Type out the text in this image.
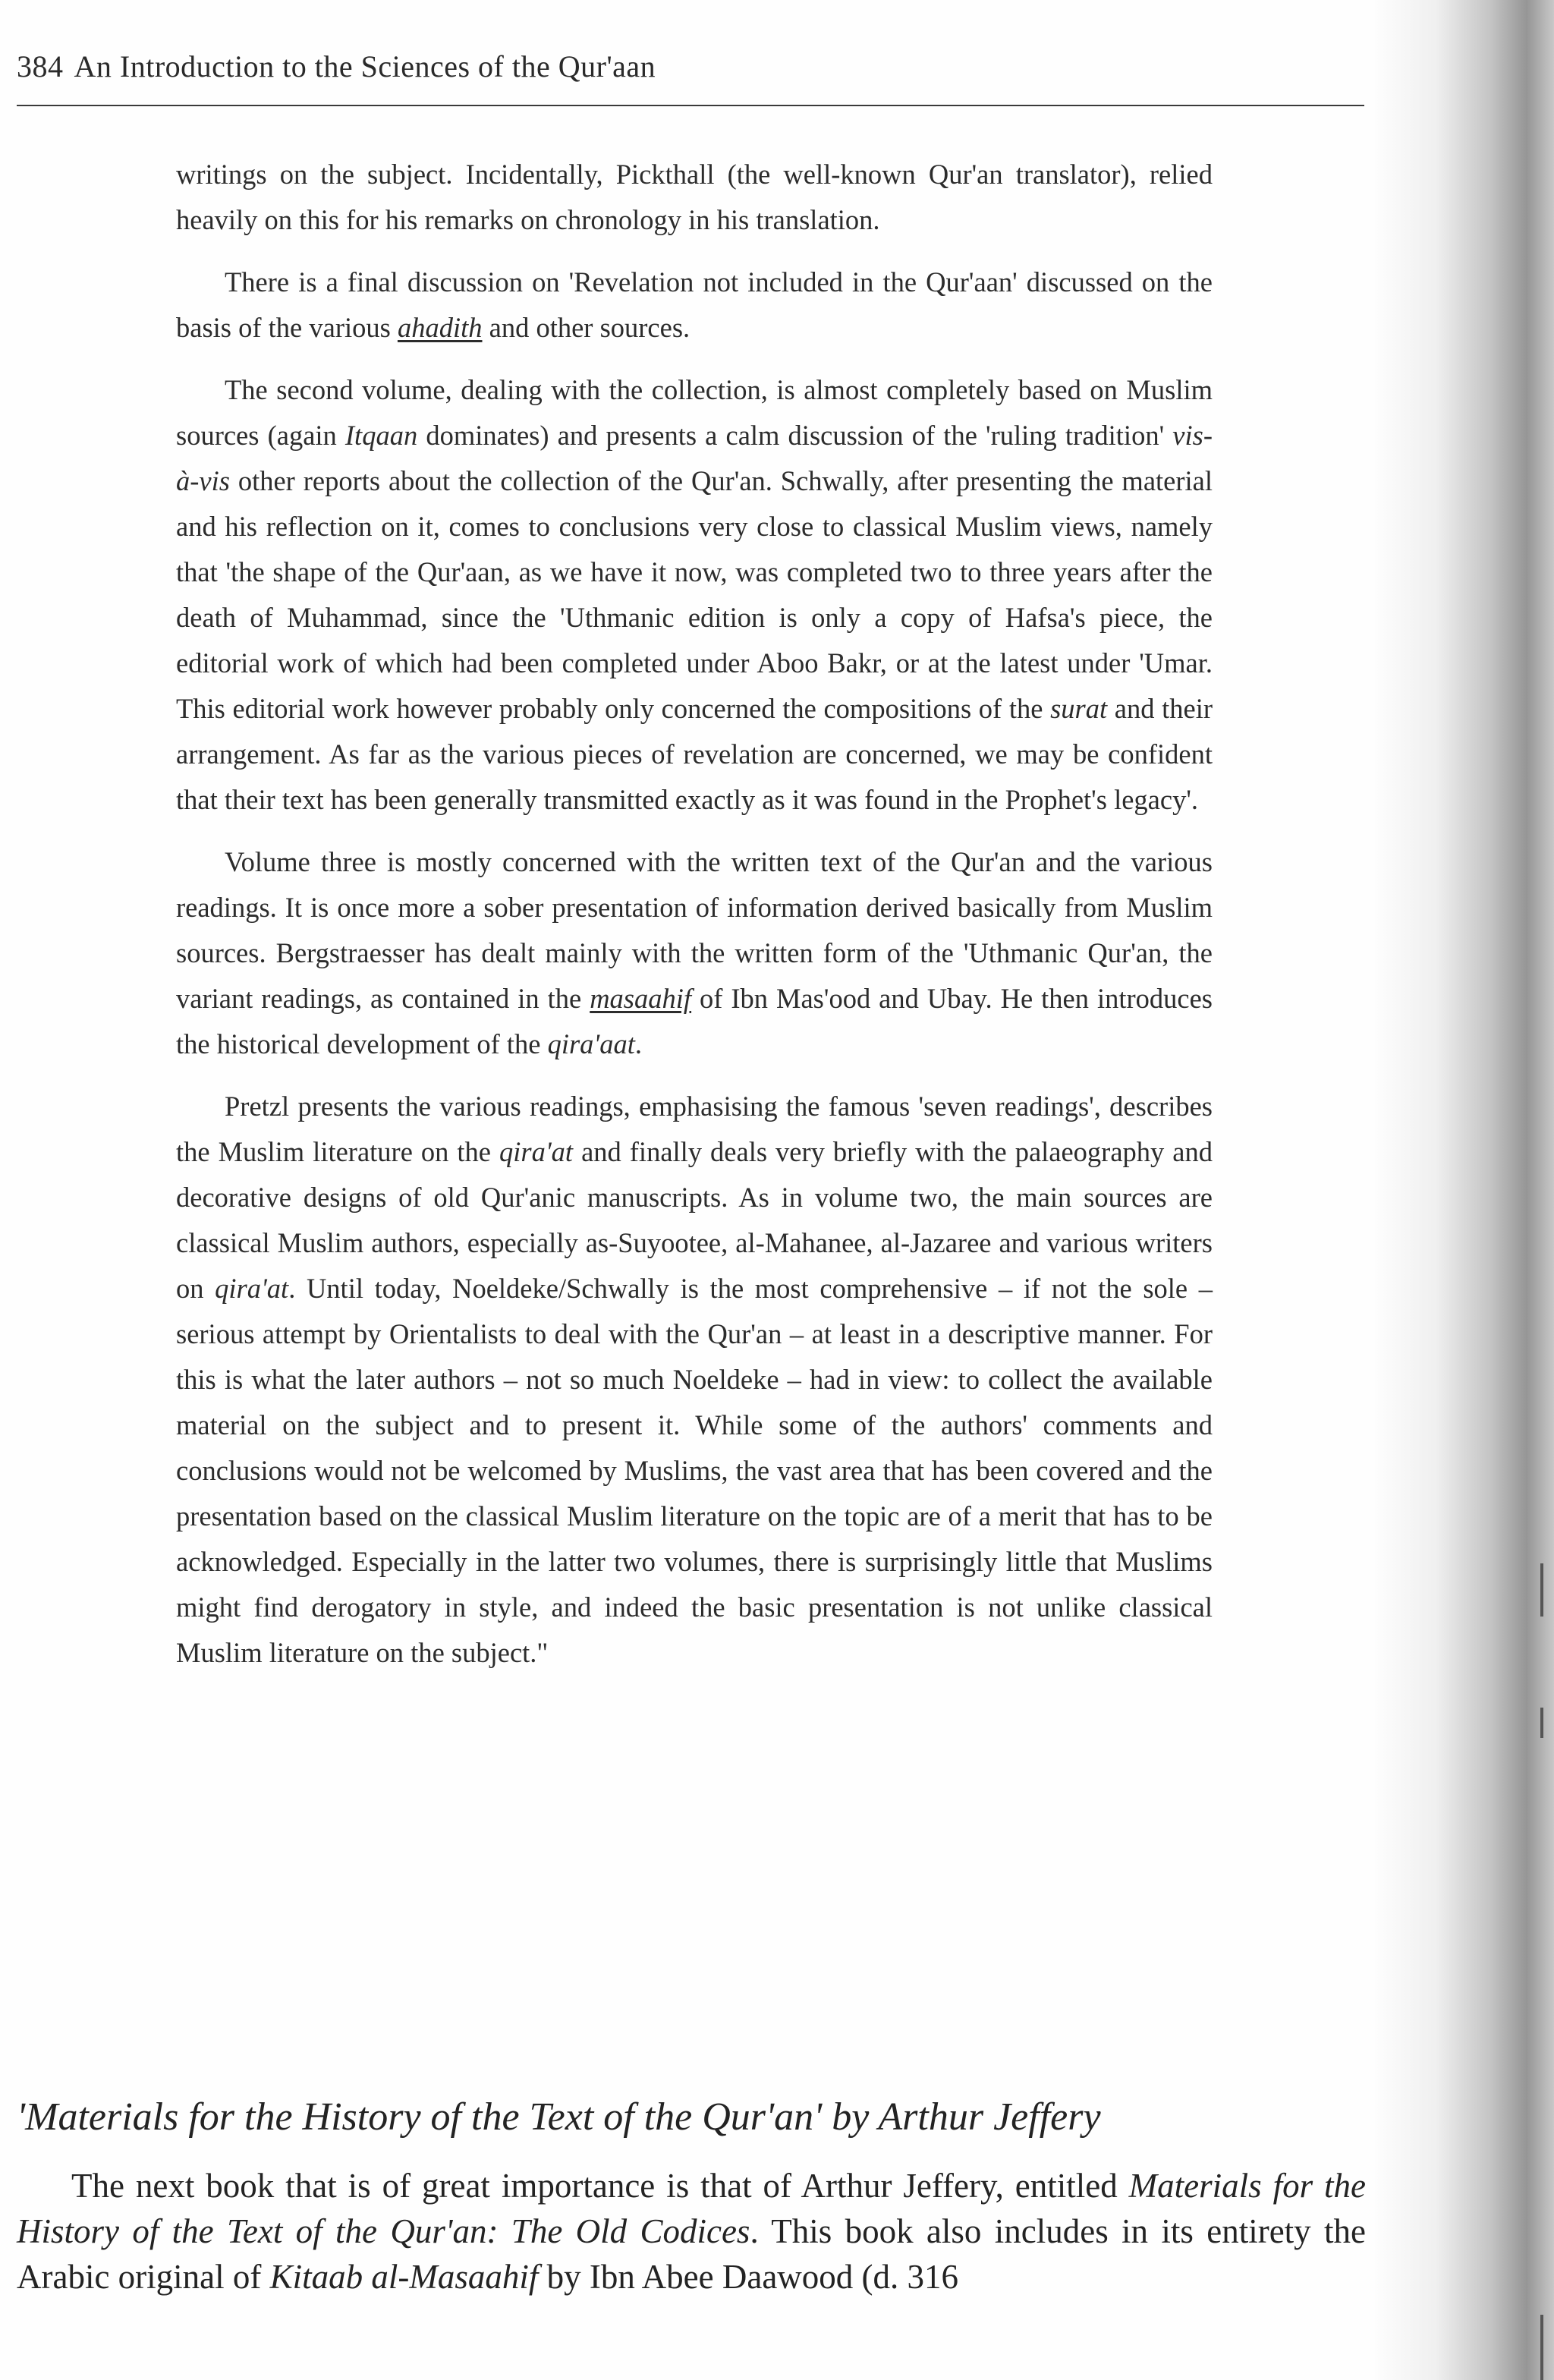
384 An Introduction to the Sciences of the Qur'aan

writings on the subject. Incidentally, Pickthall (the well-known Qur'an translator), relied heavily on this for his remarks on chronology in his translation.

There is a final discussion on 'Revelation not included in the Qur'aan' discussed on the basis of the various ahadith and other sources.

The second volume, dealing with the collection, is almost completely based on Muslim sources (again Itqaan dominates) and presents a calm discussion of the 'ruling tradition' vis-à-vis other reports about the collection of the Qur'an. Schwally, after presenting the material and his reflection on it, comes to conclusions very close to classical Muslim views, namely that 'the shape of the Qur'aan, as we have it now, was completed two to three years after the death of Muhammad, since the 'Uthmanic edition is only a copy of Hafsa's piece, the editorial work of which had been completed under Aboo Bakr, or at the latest under 'Umar. This editorial work however probably only concerned the compositions of the surat and their arrangement. As far as the various pieces of revelation are concerned, we may be confident that their text has been generally transmitted exactly as it was found in the Prophet's legacy'.

Volume three is mostly concerned with the written text of the Qur'an and the various readings. It is once more a sober presentation of information derived basically from Muslim sources. Bergstraesser has dealt mainly with the written form of the 'Uthmanic Qur'an, the variant readings, as contained in the masaahif of Ibn Mas'ood and Ubay. He then introduces the historical development of the qira'aat.

Pretzl presents the various readings, emphasising the famous 'seven readings', describes the Muslim literature on the qira'at and finally deals very briefly with the palaeography and decorative designs of old Qur'anic manuscripts. As in volume two, the main sources are classical Muslim authors, especially as-Suyootee, al-Mahanee, al-Jazaree and various writers on qira'at. Until today, Noeldeke/Schwally is the most comprehensive – if not the sole – serious attempt by Orientalists to deal with the Qur'an – at least in a descriptive manner. For this is what the later authors – not so much Noeldeke – had in view: to collect the available material on the subject and to present it. While some of the authors' comments and conclusions would not be welcomed by Muslims, the vast area that has been covered and the presentation based on the classical Muslim literature on the topic are of a merit that has to be acknowledged. Especially in the latter two volumes, there is surprisingly little that Muslims might find derogatory in style, and indeed the basic presentation is not unlike classical Muslim literature on the subject."

'Materials for the History of the Text of the Qur'an' by Arthur Jeffery

The next book that is of great importance is that of Arthur Jeffery, entitled Materials for the History of the Text of the Qur'an: The Old Codices. This book also includes in its entirety the Arabic original of Kitaab al-Masaahif by Ibn Abee Daawood (d. 316
